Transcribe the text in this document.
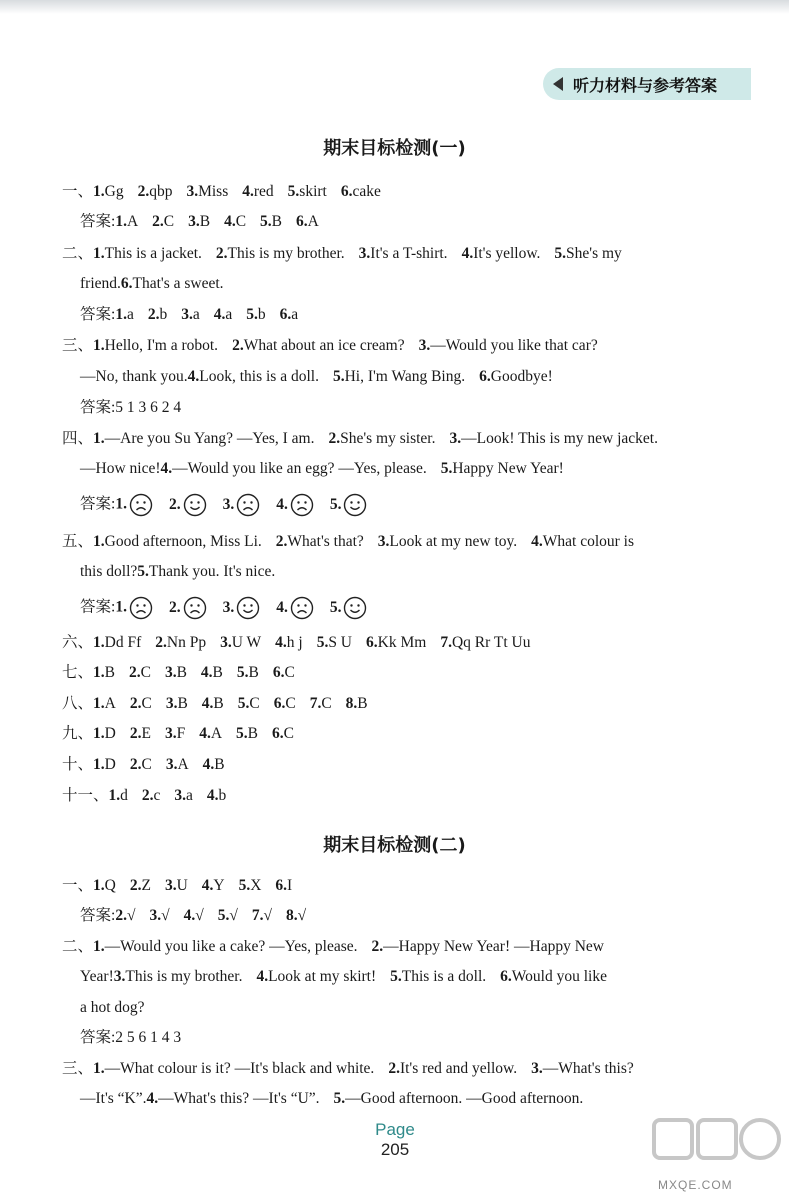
听力材料与参考答案
期末目标检测(一)
一、1.Gg 2.qbp 3.Miss 4.red 5.skirt 6.cake
答案:1.A 2.C 3.B 4.C 5.B 6.A
二、1.This is a jacket. 2.This is my brother. 3.It's a T-shirt. 4.It's yellow. 5.She's my
friend.6.That's a sweet.
答案:1.a 2.b 3.a 4.a 5.b 6.a
三、1.Hello, I'm a robot. 2.What about an ice cream? 3.—Would you like that car?
—No, thank you.4.Look, this is a doll. 5.Hi, I'm Wang Bing. 6.Goodbye!
答案:5 1 3 6 2 4
四、1.—Are you Su Yang? —Yes, I am. 2.She's my sister. 3.—Look! This is my new jacket.
—How nice!4.—Would you like an egg? —Yes, please. 5.Happy New Year!
答案:1.	2.	3.	4.	5.
五、1.Good afternoon, Miss Li. 2.What's that? 3.Look at my new toy. 4.What colour is
this doll?5.Thank you. It's nice.
答案:1.	2.	3.	4.	5.
六、1.Dd Ff 2.Nn Pp 3.U W 4.h j 5.S U 6.Kk Mm 7.Qq Rr Tt Uu
七、1.B 2.C 3.B 4.B 5.B 6.C
八、1.A 2.C 3.B 4.B 5.C 6.C 7.C 8.B
九、1.D 2.E 3.F 4.A 5.B 6.C
十、1.D 2.C 3.A 4.B
十一、1.d 2.c 3.a 4.b
期末目标检测(二)
一、1.Q 2.Z 3.U 4.Y 5.X 6.I
答案:2.√ 3.√ 4.√ 5.√ 7.√ 8.√
二、1.—Would you like a cake? —Yes, please. 2.—Happy New Year! —Happy New
Year!3.This is my brother. 4.Look at my skirt! 5.This is a doll. 6.Would you like
a hot dog?
答案:2 5 6 1 4 3
三、1.—What colour is it? —It's black and white. 2.It's red and yellow. 3.—What's this?
—It's “K”.4.—What's this? —It's “U”. 5.—Good afternoon. —Good afternoon.
Page
205
MXQE.COM
